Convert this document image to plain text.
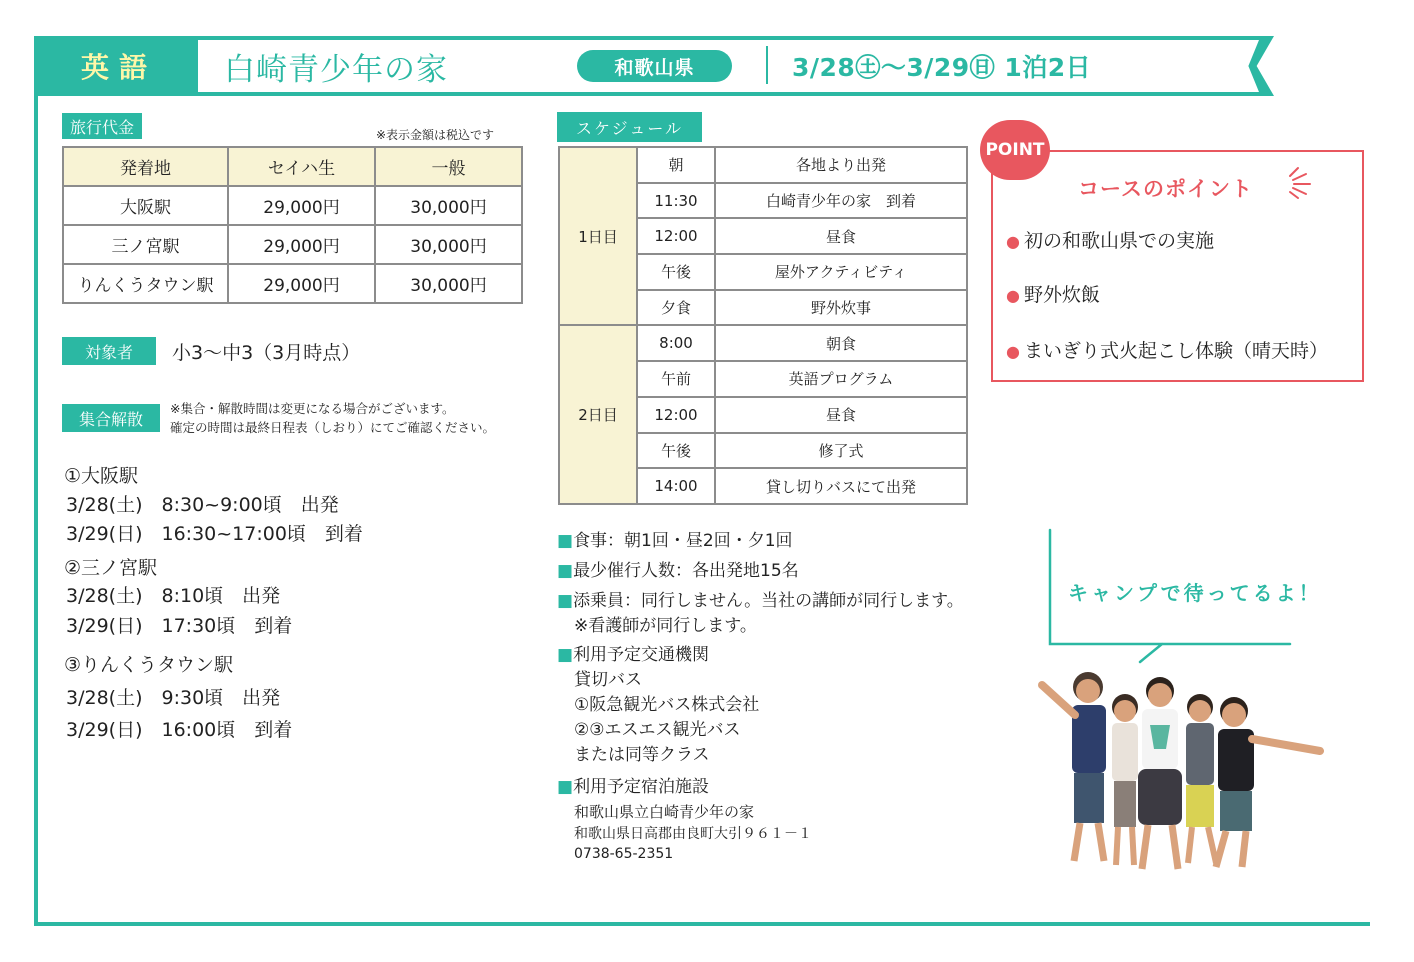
英語	白崎青少年の家	和歌山県	3/28㊏～3/29㊐ 1泊2日
旅行代金	※表示金額は税込です
発着地	セイハ生	一般
大阪駅	29,000円	30,000円
三ノ宮駅	29,000円	30,000円
りんくうタウン駅	29,000円	30,000円
対象者	小3～中3（3月時点）
集合解散
※集合・解散時間は変更になる場合がございます。
確定の時間は最終日程表（しおり）にてご確認ください。
①大阪駅
3/28(土)　8:30~9:00頃　出発
3/29(日)　16:30~17:00頃　到着
②三ノ宮駅
3/28(土)　8:10頃　出発
3/29(日)　17:30頃　到着
③りんくうタウン駅
3/28(土)　9:30頃　出発
3/29(日)　16:00頃　到着
スケジュール
1日目	朝	各地より出発
	11:30	白崎青少年の家　到着
	12:00	昼食
	午後	屋外アクティビティ
	夕食	野外炊事
2日目	8:00	朝食
	午前	英語プログラム
	12:00	昼食
	午後	修了式
	14:00	貸し切りバスにて出発
■食事：朝1回・昼2回・夕1回
■最少催行人数：各出発地15名
■添乗員：同行しません。当社の講師が同行します。
※看護師が同行します。
■利用予定交通機関
貸切バス
①阪急観光バス株式会社
②③エスエス観光バス
または同等クラス
■利用予定宿泊施設
和歌山県立白崎青少年の家
和歌山県日高郡由良町大引９６１－１
0738-65-2351
POINT
コースのポイント
● 初の和歌山県での実施
● 野外炊飯
● まいぎり式火起こし体験（晴天時）
キャンプで待ってるよ！
